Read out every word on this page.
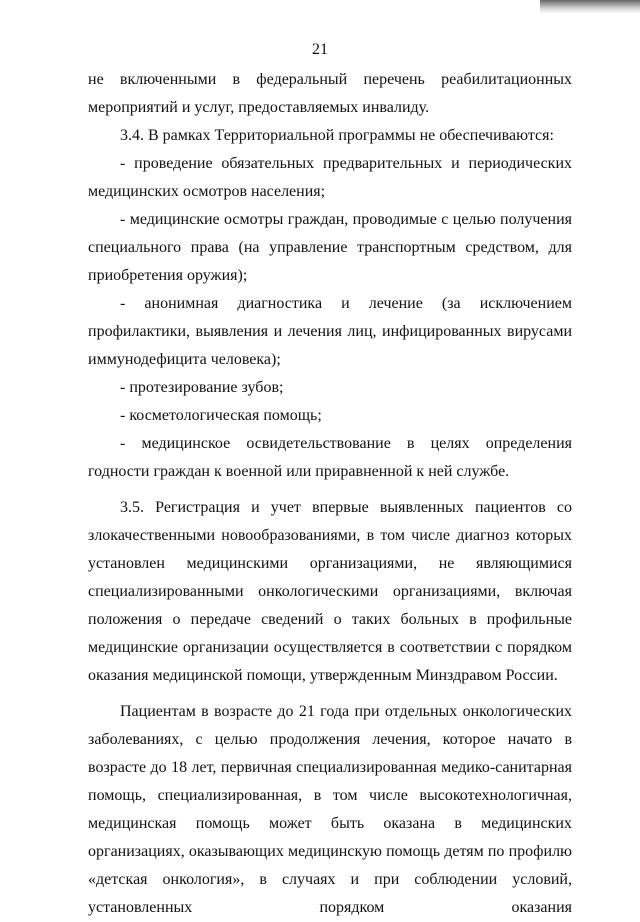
21

не включенными в федеральный перечень реабилитационных мероприятий и услуг, предоставляемых инвалиду.

3.4. В рамках Территориальной программы не обеспечиваются:

- проведение обязательных предварительных и периодических медицинских осмотров населения;

- медицинские осмотры граждан, проводимые с целью получения специального права (на управление транспортным средством, для приобретения оружия);

- анонимная диагностика и лечение (за исключением профилактики, выявления и лечения лиц, инфицированных вирусами иммунодефицита человека);

- протезирование зубов;

- косметологическая помощь;

- медицинское освидетельствование в целях определения годности граждан к военной или приравненной к ней службе.

3.5. Регистрация и учет впервые выявленных пациентов со злокачественными новообразованиями, в том числе диагноз которых установлен медицинскими организациями, не являющимися специализированными онкологическими организациями, включая положения о передаче сведений о таких больных в профильные медицинские организации осуществляется в соответствии с порядком оказания медицинской помощи, утвержденным Минздравом России.

Пациентам в возрасте до 21 года при отдельных онкологических заболеваниях, с целью продолжения лечения, которое начато в возрасте до 18 лет, первичная специализированная медико-санитарная помощь, специализированная, в том числе высокотехнологичная, медицинская помощь может быть оказана в медицинских организациях, оказывающих медицинскую помощь детям по профилю «детская онкология», в случаях и при соблюдении условий, установленных порядком оказания
